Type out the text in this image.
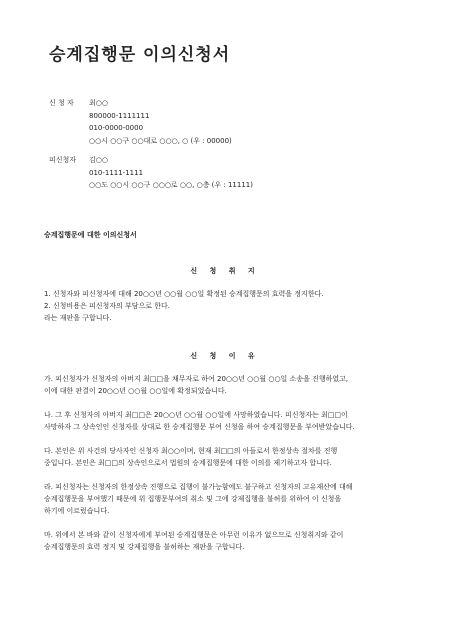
승계집행문 이의신청서
신 청 자 최○○
800000-1111111
010-0000-0000
○○시 ○○구 ○○대로 ○○○, ○ (우 : 00000)
피신청자 김○○
010-1111-1111
○○도 ○○시 ○○구 ○○○로 ○○, ○층 (우 : 11111)
승계집행문에 대한 이의신청서
신 청 취 지
1. 신청자와 피신청자에 대해 20○○년 ○○월 ○○일 확정된 승계집행문의 효력을 정지한다.
2. 신청비용은 피신청자의 부담으로 한다.
라는 재판을 구합니다.
신 청 이 유
가. 피신청자가 신청자의 아버지 최□□을 채무자로 하여 20○○년 ○○월 ○○일 소송을 진행하였고,
이에 대한 판결이 20○○년 ○○월 ○○일에 확정되었습니다.
나. 그 후 신청자의 아버지 최□□은 20○○년 ○○월 ○○일에 사망하였습니다. 피신청자는 최□□이
사망하자 그 상속인인 신청자를 상대로 한 승계집행문 부여 신청을 하여 승계집행문을 부여받았습니다.
다. 본인은 위 사건의 당사자인 신청자 최○○이며, 현재 최□□의 아들로서 한정상속 절차를 진행
중입니다. 본인은 최□□의 상속인으로서 법원의 승계집행문에 대한 이의를 제기하고자 합니다.
라. 피신청자는 신청자의 한정상속 진행으로 집행이 불가능함에도 불구하고 신청자의 고유재산에 대해
승계집행문을 부여했기 때문에 위 집행문부여의 취소 및 그에 강제집행을 불허를 위하여 이 신청을
하기에 이르렀습니다.
마. 위에서 본 바와 같이 신청자에게 부여된 승계집행문은 아무런 이유가 없으므로 신청취지와 같이
승계집행문의 효력 정지 및 강제집행을 불허하는 재판을 구합니다.
